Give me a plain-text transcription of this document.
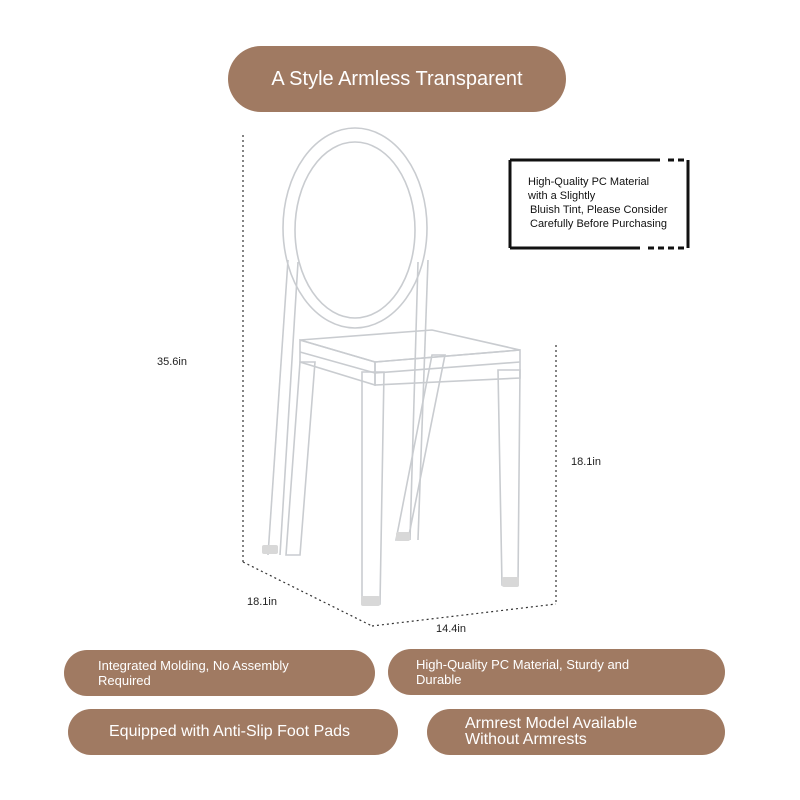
A Style Armless Transparent
High-Quality PC Material
with a Slightly
Bluish Tint, Please Consider
Carefully Before Purchasing
35.6in
18.1in
18.1in
14.4in
Integrated Molding, No Assembly
Required
High-Quality PC Material, Sturdy and
Durable
Equipped with Anti-Slip Foot Pads	Armrest Model Available
Without Armrests
